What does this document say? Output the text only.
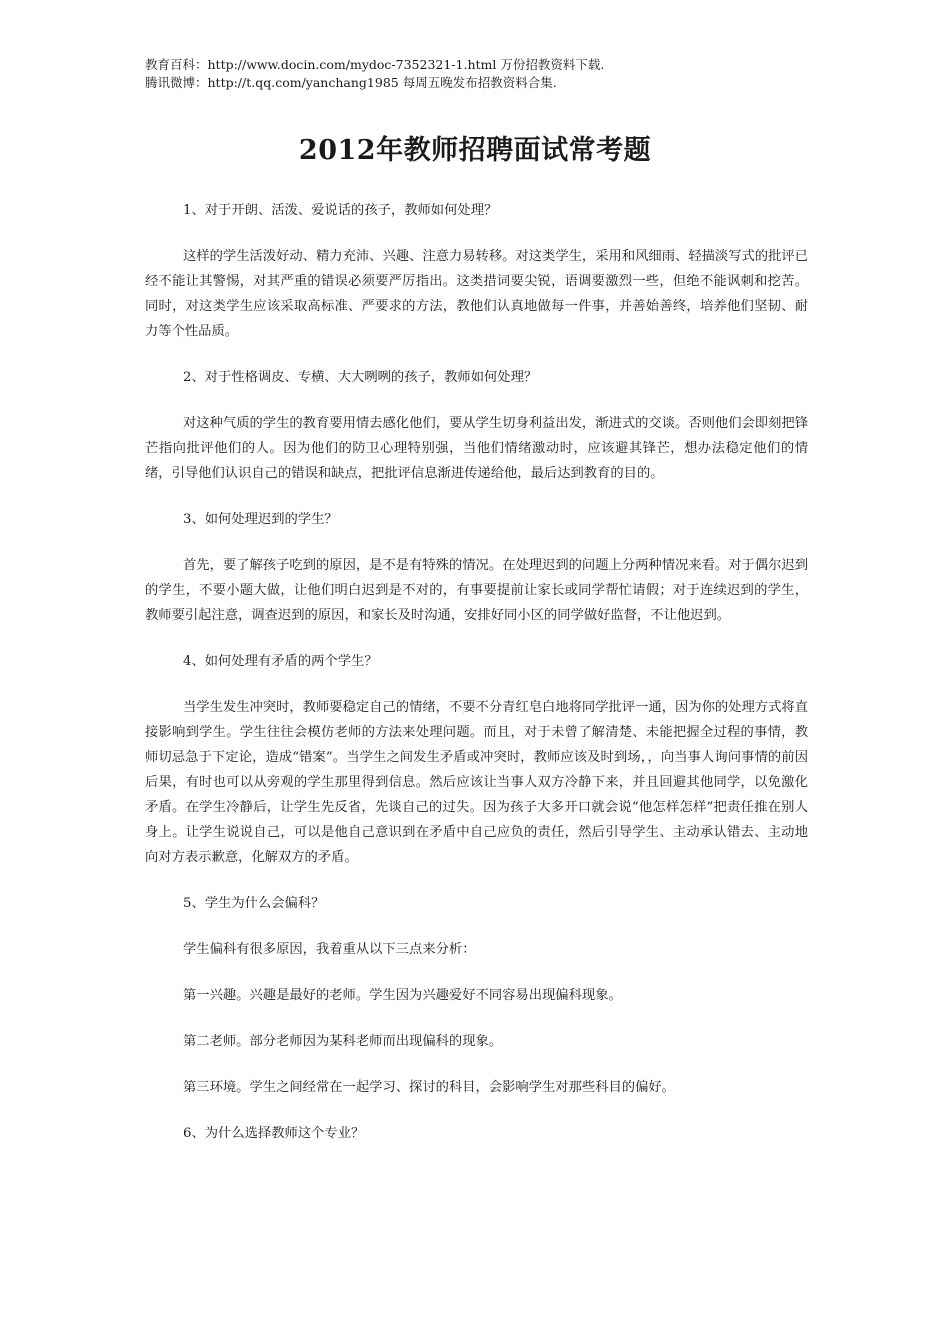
教育百科：http://www.docin.com/mydoc-7352321-1.html 万份招教资料下载.
腾讯微博：http://t.qq.com/yanchang1985 每周五晚发布招教资料合集.
2012年教师招聘面试常考题

1、对于开朗、活泼、爱说话的孩子，教师如何处理？

这样的学生活泼好动、精力充沛、兴趣、注意力易转移。对这类学生，采用和风细雨、轻描淡写式的批评已经不能让其警惕，对其严重的错误必须要严厉指出。这类措词要尖锐，语调要激烈一些，但绝不能讽刺和挖苦。同时，对这类学生应该采取高标准、严要求的方法，教他们认真地做每一件事，并善始善终，培养他们坚韧、耐力等个性品质。

2、对于性格调皮、专横、大大咧咧的孩子，教师如何处理？

对这种气质的学生的教育要用情去感化他们，要从学生切身利益出发，渐进式的交谈。否则他们会即刻把锋芒指向批评他们的人。因为他们的防卫心理特别强，当他们情绪激动时，应该避其锋芒，想办法稳定他们的情绪，引导他们认识自己的错误和缺点，把批评信息渐进传递给他，最后达到教育的目的。

3、如何处理迟到的学生？

首先，要了解孩子吃到的原因，是不是有特殊的情况。在处理迟到的问题上分两种情况来看。对于偶尔迟到的学生，不要小题大做，让他们明白迟到是不对的，有事要提前让家长或同学帮忙请假；对于连续迟到的学生，教师要引起注意，调查迟到的原因，和家长及时沟通，安排好同小区的同学做好监督，不让他迟到。

4、如何处理有矛盾的两个学生？

当学生发生冲突时，教师要稳定自己的情绪，不要不分青红皂白地将同学批评一通，因为你的处理方式将直接影响到学生。学生往往会模仿老师的方法来处理问题。而且，对于未曾了解清楚、未能把握全过程的事情，教师切忌急于下定论，造成“错案”。当学生之间发生矛盾或冲突时，教师应该及时到场，，向当事人询问事情的前因后果，有时也可以从旁观的学生那里得到信息。然后应该让当事人双方冷静下来，并且回避其他同学，以免激化矛盾。在学生冷静后，让学生先反省，先谈自己的过失。因为孩子大多开口就会说“他怎样怎样”把责任推在别人身上。让学生说说自己，可以是他自己意识到在矛盾中自己应负的责任，然后引导学生、主动承认错去、主动地向对方表示歉意，化解双方的矛盾。

5、学生为什么会偏科？

学生偏科有很多原因，我着重从以下三点来分析：

第一兴趣。兴趣是最好的老师。学生因为兴趣爱好不同容易出现偏科现象。

第二老师。部分老师因为某科老师而出现偏科的现象。

第三环境。学生之间经常在一起学习、探讨的科目，会影响学生对那些科目的偏好。

6、为什么选择教师这个专业？
